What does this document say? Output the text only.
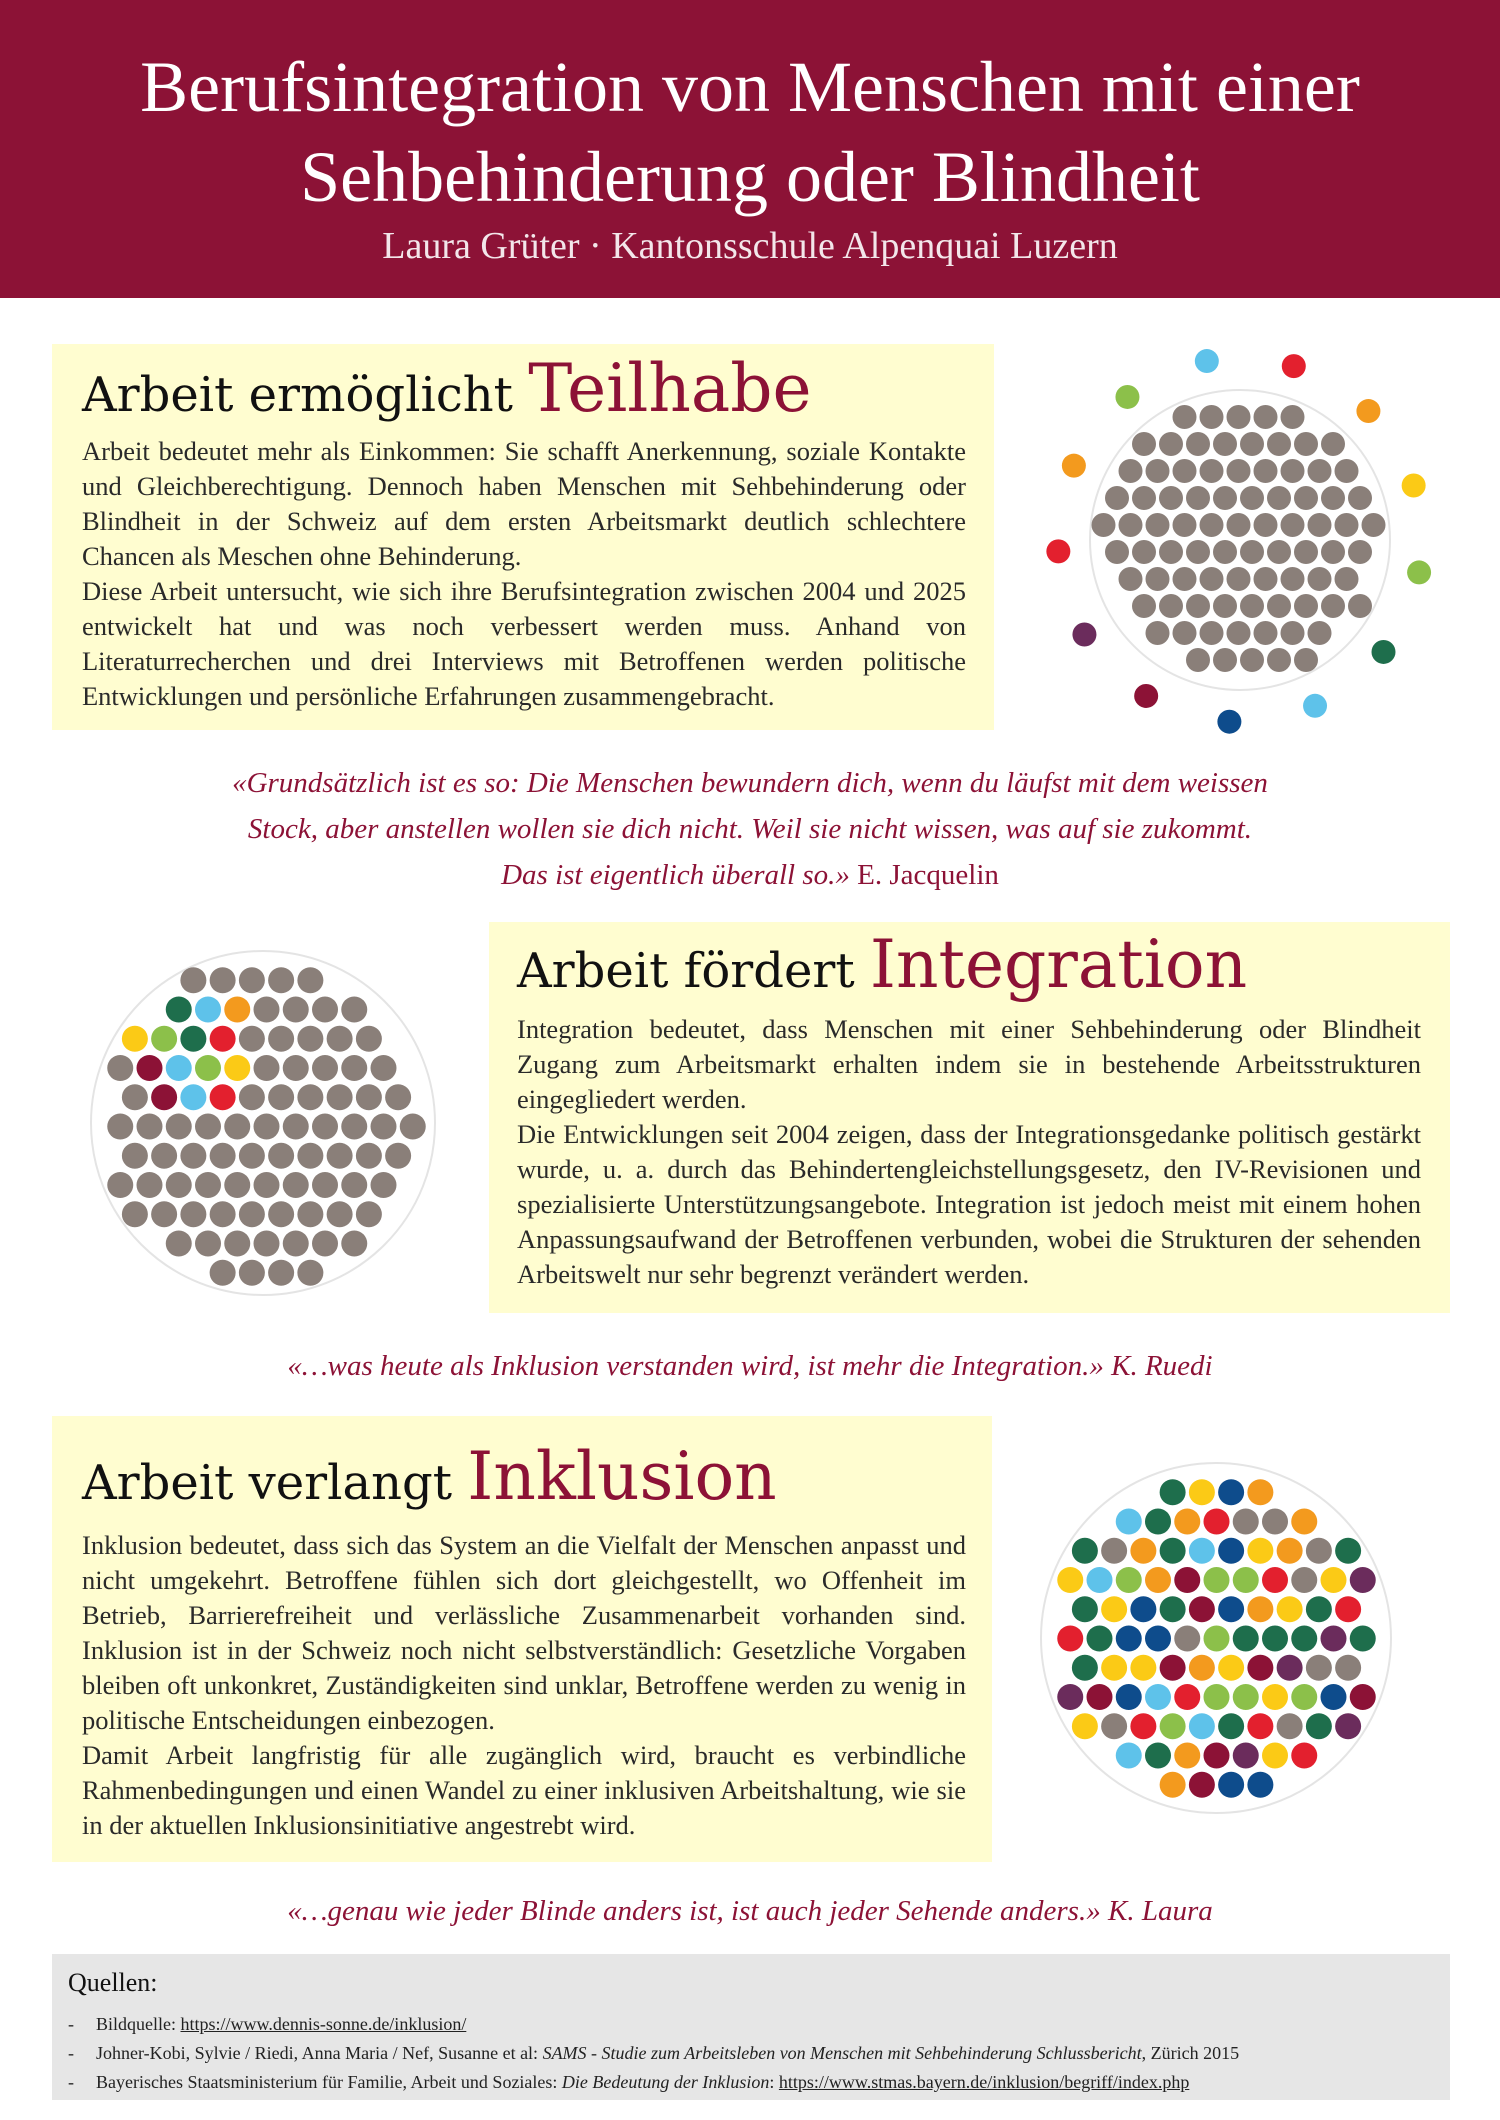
Berufsintegration von Menschen mit einer
Sehbehinderung oder Blindheit
Laura Grüter · Kantonsschule Alpenquai Luzern
Arbeit ermöglicht Teilhabe
Arbeit bedeutet mehr als Einkommen: Sie schafft Anerkennung, soziale Kontakte und Gleichberechtigung. Dennoch haben Menschen mit Sehbehinderung oder Blindheit in der Schweiz auf dem ersten Arbeitsmarkt deutlich schlechtere Chancen als Meschen ohne Behinderung.
Diese Arbeit untersucht, wie sich ihre Berufsintegration zwischen 2004 und 2025 entwickelt hat und was noch verbessert werden muss. Anhand von Literaturrecherchen und drei Interviews mit Betroffenen werden politische Entwicklungen und persönliche Erfahrungen zusammengebracht.
«Grundsätzlich ist es so: Die Menschen bewundern dich, wenn du läufst mit dem weissen
Stock, aber anstellen wollen sie dich nicht. Weil sie nicht wissen, was auf sie zukommt.
Das ist eigentlich überall so.» E. Jacquelin
Arbeit fördert Integration
Integration bedeutet, dass Menschen mit einer Sehbehinderung oder Blindheit Zugang zum Arbeitsmarkt erhalten indem sie in bestehende Arbeitsstrukturen eingegliedert werden.
Die Entwicklungen seit 2004 zeigen, dass der Integrationsgedanke politisch gestärkt wurde, u. a. durch das Behindertengleichstellungsgesetz, den IV-Revisionen und spezialisierte Unterstützungsangebote. Integration ist jedoch meist mit einem hohen Anpassungsaufwand der Betroffenen verbunden, wobei die Strukturen der sehenden Arbeitswelt nur sehr begrenzt verändert werden.
«…was heute als Inklusion verstanden wird, ist mehr die Integration.» K. Ruedi
Arbeit verlangt Inklusion
Inklusion bedeutet, dass sich das System an die Vielfalt der Menschen anpasst und nicht umgekehrt. Betroffene fühlen sich dort gleichgestellt, wo Offenheit im Betrieb, Barrierefreiheit und verlässliche Zusammenarbeit vorhanden sind. Inklusion ist in der Schweiz noch nicht selbstverständlich: Gesetzliche Vorgaben bleiben oft unkonkret, Zuständigkeiten sind unklar, Betroffene werden zu wenig in politische Entscheidungen einbezogen.
Damit Arbeit langfristig für alle zugänglich wird, braucht es verbindliche Rahmenbedingungen und einen Wandel zu einer inklusiven Arbeitshaltung, wie sie in der aktuellen Inklusionsinitiative angestrebt wird.
«…genau wie jeder Blinde anders ist, ist auch jeder Sehende anders.» K. Laura
Quellen:
- Bildquelle: https://www.dennis-sonne.de/inklusion/
- Johner-Kobi, Sylvie / Riedi, Anna Maria / Nef, Susanne et al: SAMS - Studie zum Arbeitsleben von Menschen mit Sehbehinderung Schlussbericht, Zürich 2015
- Bayerisches Staatsministerium für Familie, Arbeit und Soziales: Die Bedeutung der Inklusion: https://www.stmas.bayern.de/inklusion/begriff/index.php
